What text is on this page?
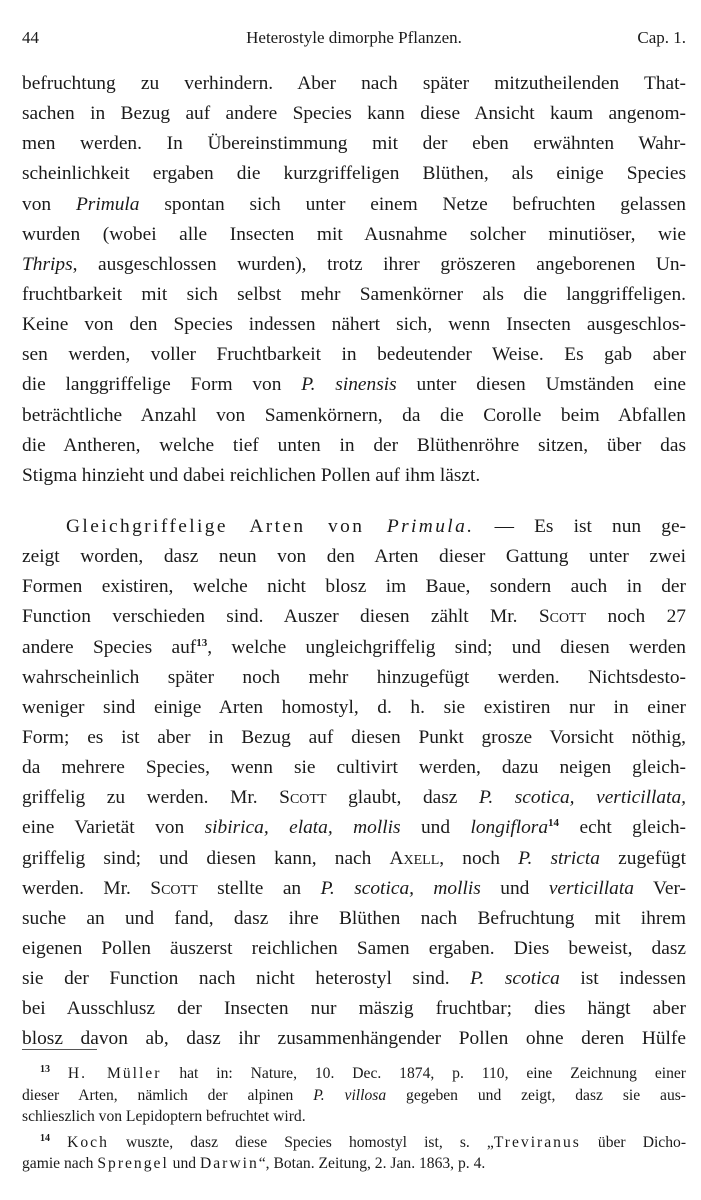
44	Heterostyle dimorphe Pflanzen.	Cap. 1.
befruchtung zu verhindern. Aber nach später mitzutheilenden That-
sachen in Bezug auf andere Species kann diese Ansicht kaum angenom-
men werden. In Übereinstimmung mit der eben erwähnten Wahr-
scheinlichkeit ergaben die kurzgriffeligen Blüthen, als einige Species
von Primula spontan sich unter einem Netze befruchten gelassen
wurden (wobei alle Insecten mit Ausnahme solcher minutiöser, wie
Thrips, ausgeschlossen wurden), trotz ihrer gröszeren angeborenen Un-
fruchtbarkeit mit sich selbst mehr Samenkörner als die langgriffeligen.
Keine von den Species indessen nähert sich, wenn Insecten ausgeschlos-
sen werden, voller Fruchtbarkeit in bedeutender Weise. Es gab aber
die langgriffelige Form von P. sinensis unter diesen Umständen eine
beträchtliche Anzahl von Samenkörnern, da die Corolle beim Abfallen
die Antheren, welche tief unten in der Blüthenröhre sitzen, über das
Stigma hinzieht und dabei reichlichen Pollen auf ihm läszt.
Gleichgriffelige Arten von Primula. — Es ist nun ge-
zeigt worden, dasz neun von den Arten dieser Gattung unter zwei
Formen existiren, welche nicht blosz im Baue, sondern auch in der
Function verschieden sind. Auszer diesen zählt Mr. Scott noch 27
andere Species auf$^{13}$, welche ungleichgriffelig sind; und diesen werden
wahrscheinlich später noch mehr hinzugefügt werden. Nichtsdesto-
weniger sind einige Arten homostyl, d. h. sie existiren nur in einer
Form; es ist aber in Bezug auf diesen Punkt grosze Vorsicht nöthig,
da mehrere Species, wenn sie cultivirt werden, dazu neigen gleich-
griffelig zu werden. Mr. Scott glaubt, dasz P. scotica, verticillata,
eine Varietät von sibirica, elata, mollis und longiflora$^{14}$ echt gleich-
griffelig sind; und diesen kann, nach Axell, noch P. stricta zugefügt
werden. Mr. Scott stellte an P. scotica, mollis und verticillata Ver-
suche an und fand, dasz ihre Blüthen nach Befruchtung mit ihrem
eigenen Pollen äuszerst reichlichen Samen ergaben. Dies beweist, dasz
sie der Function nach nicht heterostyl sind. P. scotica ist indessen
bei Ausschlusz der Insecten nur mäszig fruchtbar; dies hängt aber
blosz davon ab, dasz ihr zusammenhängender Pollen ohne deren Hülfe
$^{13}$ H. Müller hat in: Nature, 10. Dec. 1874, p. 110, eine Zeichnung einer
dieser Arten, nämlich der alpinen P. villosa gegeben und zeigt, dasz sie aus-
schlieszlich von Lepidoptern befruchtet wird.
$^{14}$ Koch wuszte, dasz diese Species homostyl ist, s. „Treviranus über Dicho-
gamie nach Sprengel und Darwin“, Botan. Zeitung, 2. Jan. 1863, p. 4.
